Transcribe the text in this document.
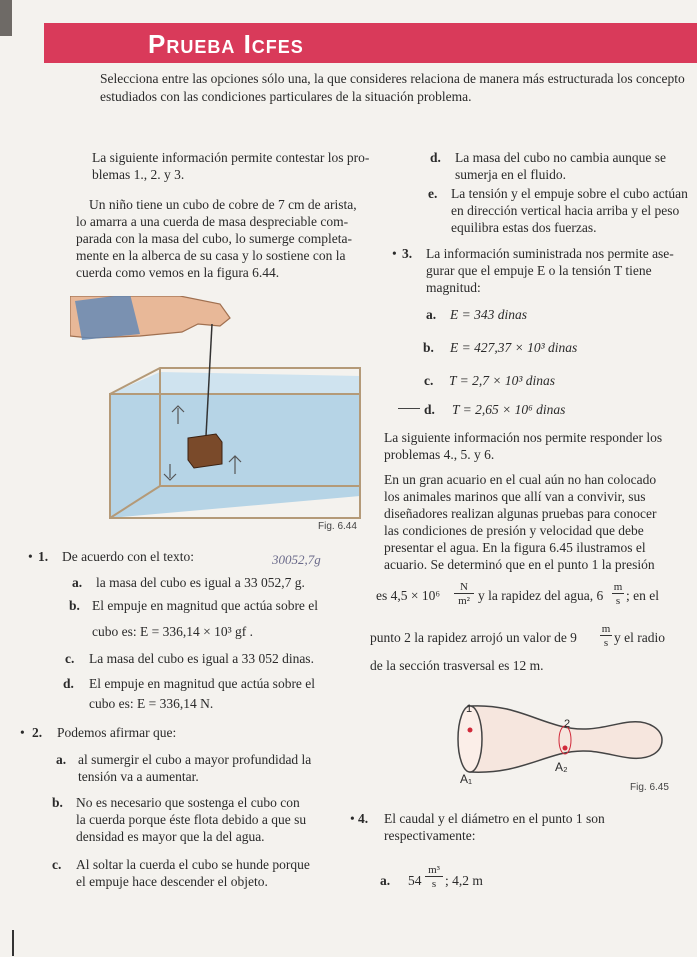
Prueba Icfes
Selecciona entre las opciones sólo una, la que consideres relaciona de manera más estructurada los concepto
estudiados con las condiciones particulares de la situación problema.
La siguiente información permite contestar los pro-
blemas 1., 2. y 3.
Un niño tiene un cubo de cobre de 7 cm de arista,
lo amarra a una cuerda de masa despreciable com-
parada con la masa del cubo, lo sumerge completa-
mente en la alberca de su casa y lo sostiene con la
cuerda como vemos en la figura 6.44.
Fig. 6.44
• 1. De acuerdo con el texto:	30052,7g
a. la masa del cubo es igual a 33 052,7 g.
b. El empuje en magnitud que actúa sobre el
cubo es: E = 336,14 × 10³ gf .
c. La masa del cubo es igual a 33 052 dinas.
d. El empuje en magnitud que actúa sobre el
cubo es: E = 336,14 N.
• 2. Podemos afirmar que:
a. al sumergir el cubo a mayor profundidad la
tensión va a aumentar.
b. No es necesario que sostenga el cubo con
la cuerda porque éste flota debido a que su
densidad es mayor que la del agua.
c. Al soltar la cuerda el cubo se hunde porque
el empuje hace descender el objeto.
d. La masa del cubo no cambia aunque se
sumerja en el fluido.
e. La tensión y el empuje sobre el cubo actúan
en dirección vertical hacia arriba y el peso
equilibra estas dos fuerzas.
• 3. La información suministrada nos permite ase-
gurar que el empuje E o la tensión T tiene
magnitud:
a. E = 343 dinas
b. E = 427,37 × 10³ dinas
c. T = 2,7 × 10³ dinas
d. T = 2,65 × 10⁶ dinas
La siguiente información nos permite responder los
problemas 4., 5. y 6.
En un gran acuario en el cual aún no han colocado
los animales marinos que allí van a convivir, sus
diseñadores realizan algunas pruebas para conocer
las condiciones de presión y velocidad que debe
presentar el agua. En la figura 6.45 ilustramos el
acuario. Se determinó que en el punto 1 la presión
es 4,5 × 10⁶
N
m² y la rapidez del agua, 6
m
s ; en el
punto 2 la rapidez arrojó un valor de 9
m
s y el radio
de la sección trasversal es 12 m.
1
2
A₁
A₂
Fig. 6.45
• 4. El caudal y el diámetro en el punto 1 son
respectivamente:
a. 54
m³
s ; 4,2 m
